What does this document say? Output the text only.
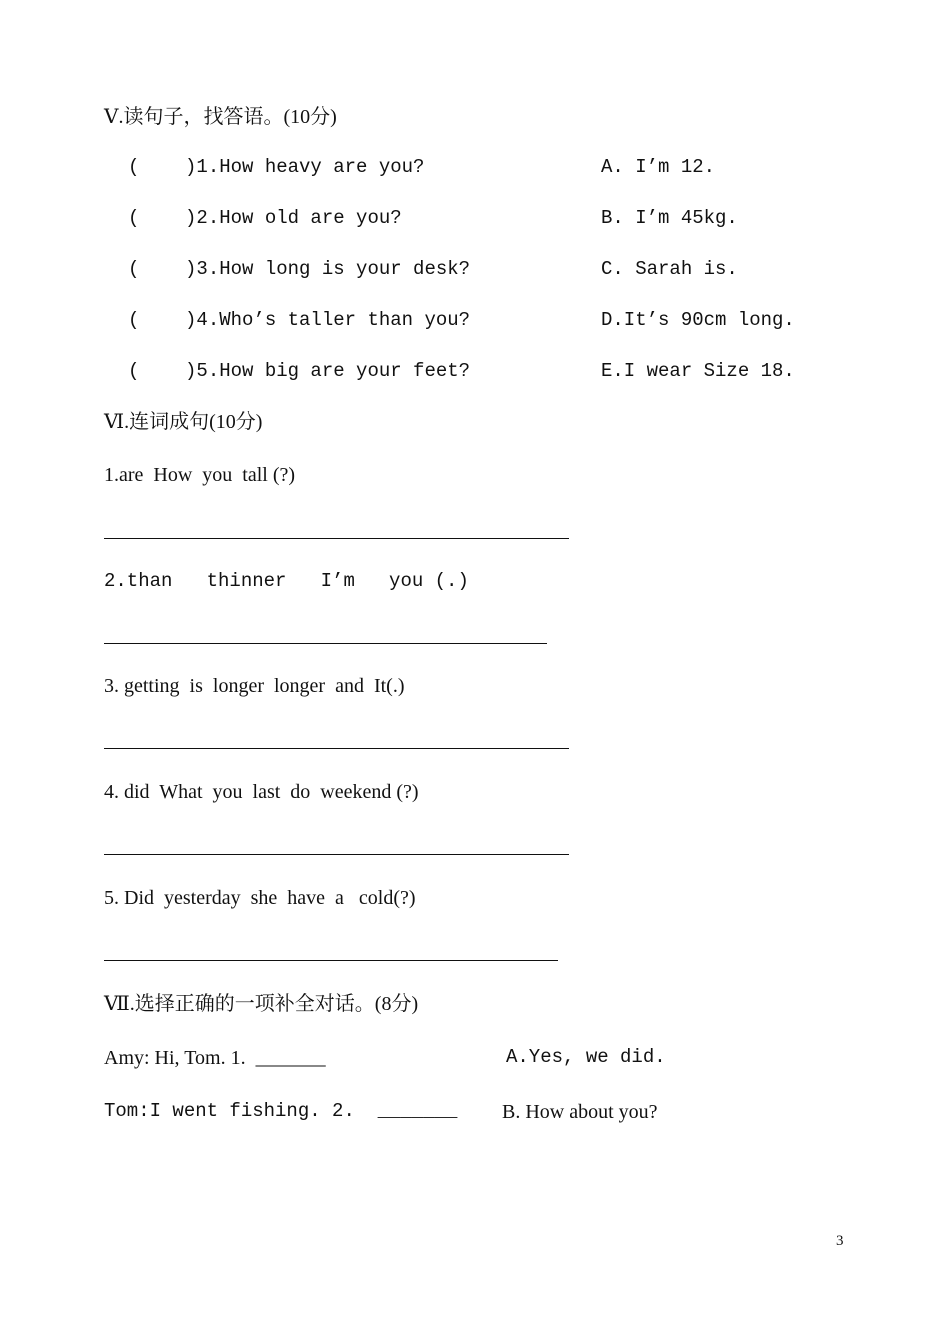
Ⅴ.读句子，找答语。(10分)
(    )1.How heavy are you?
(    )2.How old are you?
(    )3.How long is your desk?
(    )4.Who’s taller than you?
(    )5.How big are your feet?
A. I’m 12.
B. I’m 45kg.
C. Sarah is.
D.It’s 90cm long.
E.I wear Size 18.
Ⅵ.连词成句(10分)
1.are  How  you  tall (?)
2.than   thinner   I’m   you (.)
3. getting  is  longer  longer  and  It(.)
4. did  What  you  last  do  weekend (?)
5. Did  yesterday  she  have  a   cold(?)
Ⅶ.选择正确的一项补全对话。(8分)
Amy: Hi, Tom. 1.  _______
Tom:I went fishing. 2.  _______
A.Yes, we did.
B. How about you?
3
